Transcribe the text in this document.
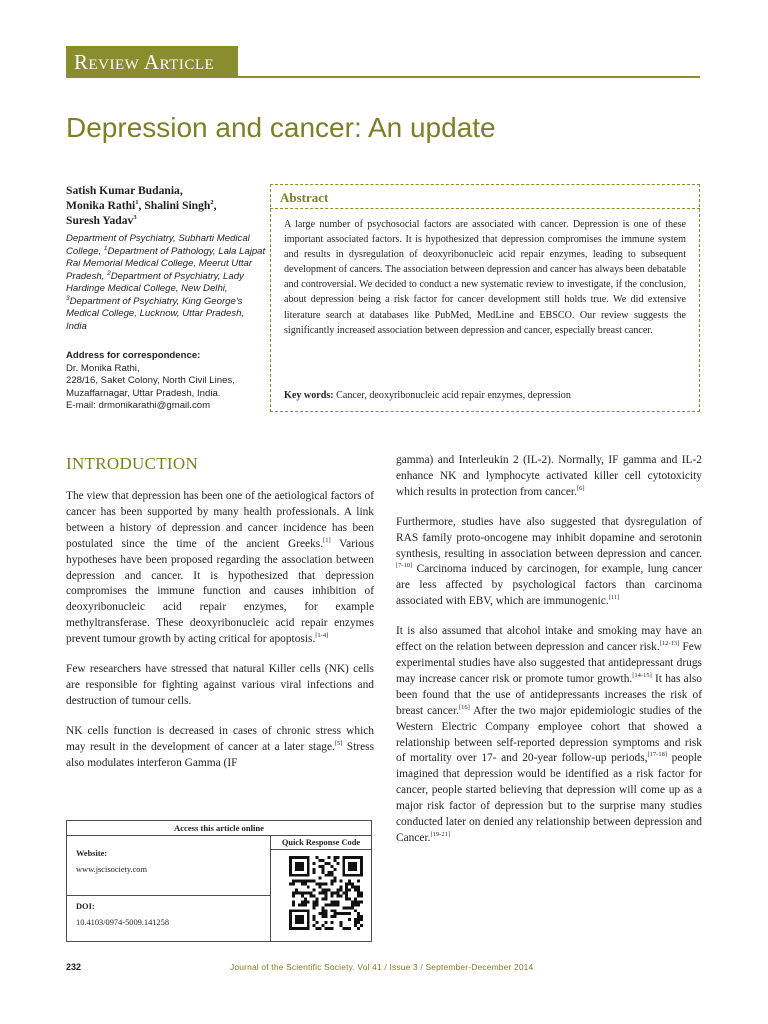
Review Article
Depression and cancer: An update
Satish Kumar Budania,
Monika Rathi$^1$, Shalini Singh$^2$,
Suresh Yadav$^3$
Department of Psychiatry, Subharti Medical College, $^1$Department of Pathology, Lala Lajpat Rai Memorial Medical College, Meerut Uttar Pradesh, $^2$Department of Psychiatry, Lady Hardinge Medical College, New Delhi, $^3$Department of Psychiatry, King George's Medical College, Lucknow, Uttar Pradesh, India
Address for correspondence:
Dr. Monika Rathi,
228/16, Saket Colony, North Civil Lines,
Muzaffarnagar, Uttar Pradesh, India.
E-mail: drmonikarathi@gmail.com
Abstract
A large number of psychosocial factors are associated with cancer. Depression is one of these important associated factors. It is hypothesized that depression compromises the immune system and results in dysregulation of deoxyribonucleic acid repair enzymes, leading to subsequent development of cancers. The association between depression and cancer has always been debatable and controversial. We decided to conduct a new systematic review to investigate, if the conclusion, about depression being a risk factor for cancer development still holds true. We did extensive literature search at databases like PubMed, MedLine and EBSCO. Our review suggests the significantly increased association between depression and cancer, especially breast cancer.
Key words: Cancer, deoxyribonucleic acid repair enzymes, depression
INTRODUCTION

The view that depression has been one of the aetiological factors of cancer has been supported by many health professionals. A link between a history of depression and cancer incidence has been postulated since the time of the ancient Greeks.[1] Various hypotheses have been proposed regarding the association between depression and cancer. It is hypothesized that depression compromises the immune function and causes inhibition of deoxyribonucleic acid repair enzymes, for example methyltransferase. These deoxyribonucleic acid repair enzymes prevent tumour growth by acting critical for apoptosis.[1-4]

Few researchers have stressed that natural Killer cells (NK) cells are responsible for fighting against various viral infections and destruction of tumour cells.

NK cells function is decreased in cases of chronic stress which may result in the development of cancer at a later stage.[5] Stress also modulates interferon Gamma (IF

gamma) and Interleukin 2 (IL-2). Normally, IF gamma and IL-2 enhance NK and lymphocyte activated killer cell cytotoxicity which results in protection from cancer.[6]

Furthermore, studies have also suggested that dysregulation of RAS family proto-oncogene may inhibit dopamine and serotonin synthesis, resulting in association between depression and cancer.[7-10] Carcinoma induced by carcinogen, for example, lung cancer are less affected by psychological factors than carcinoma associated with EBV, which are immunogenic.[11]

It is also assumed that alcohol intake and smoking may have an effect on the relation between depression and cancer risk.[12-13] Few experimental studies have also suggested that antidepressant drugs may increase cancer risk or promote tumor growth.[14-15] It has also been found that the use of antidepressants increases the risk of breast cancer.[16] After the two major epidemiologic studies of the Western Electric Company employee cohort that showed a relationship between self-reported depression symptoms and risk of mortality over 17- and 20-year follow-up periods,[17-18] people imagined that depression would be identified as a risk factor for cancer, people started believing that depression will come up as a major risk factor of depression but to the surprise many studies conducted later on denied any relationship between depression and Cancer.[19-21]

Access this article online
Quick Response Code
Website:
www.jscisociety.com
DOI:
10.4103/0974-5009.141258
232	Journal of the Scientific Society. Vol 41 / Issue 3 / September-December 2014
